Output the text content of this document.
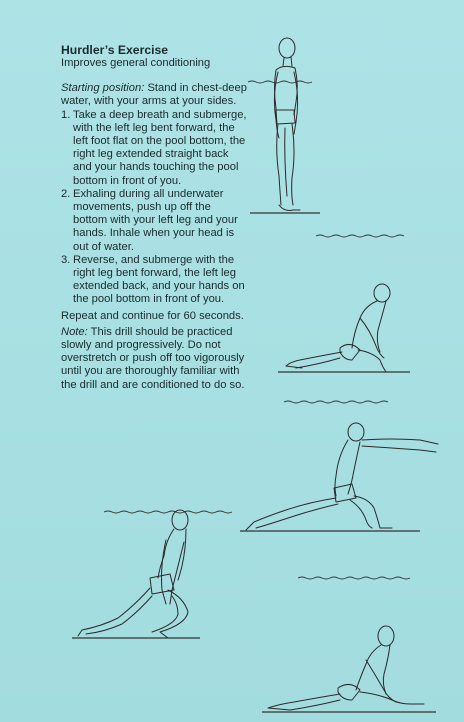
Hurdler’s Exercise

Improves general conditioning

Starting position: Stand in chest-deep water, with your arms at your sides.

1. Take a deep breath and submerge, with the left leg bent forward, the left foot flat on the pool bottom, the right leg extended straight back and your hands touching the pool bottom in front of you.
2. Exhaling during all underwater movements, push up off the bottom with your left leg and your hands. Inhale when your head is out of water.
3. Reverse, and submerge with the right leg bent forward, the left leg extended back, and your hands on the pool bottom in front of you.

Repeat and continue for 60 seconds.

Note: This drill should be practiced slowly and progressively. Do not overstretch or push off too vigorously until you are thoroughly familiar with the drill and are conditioned to do so.
